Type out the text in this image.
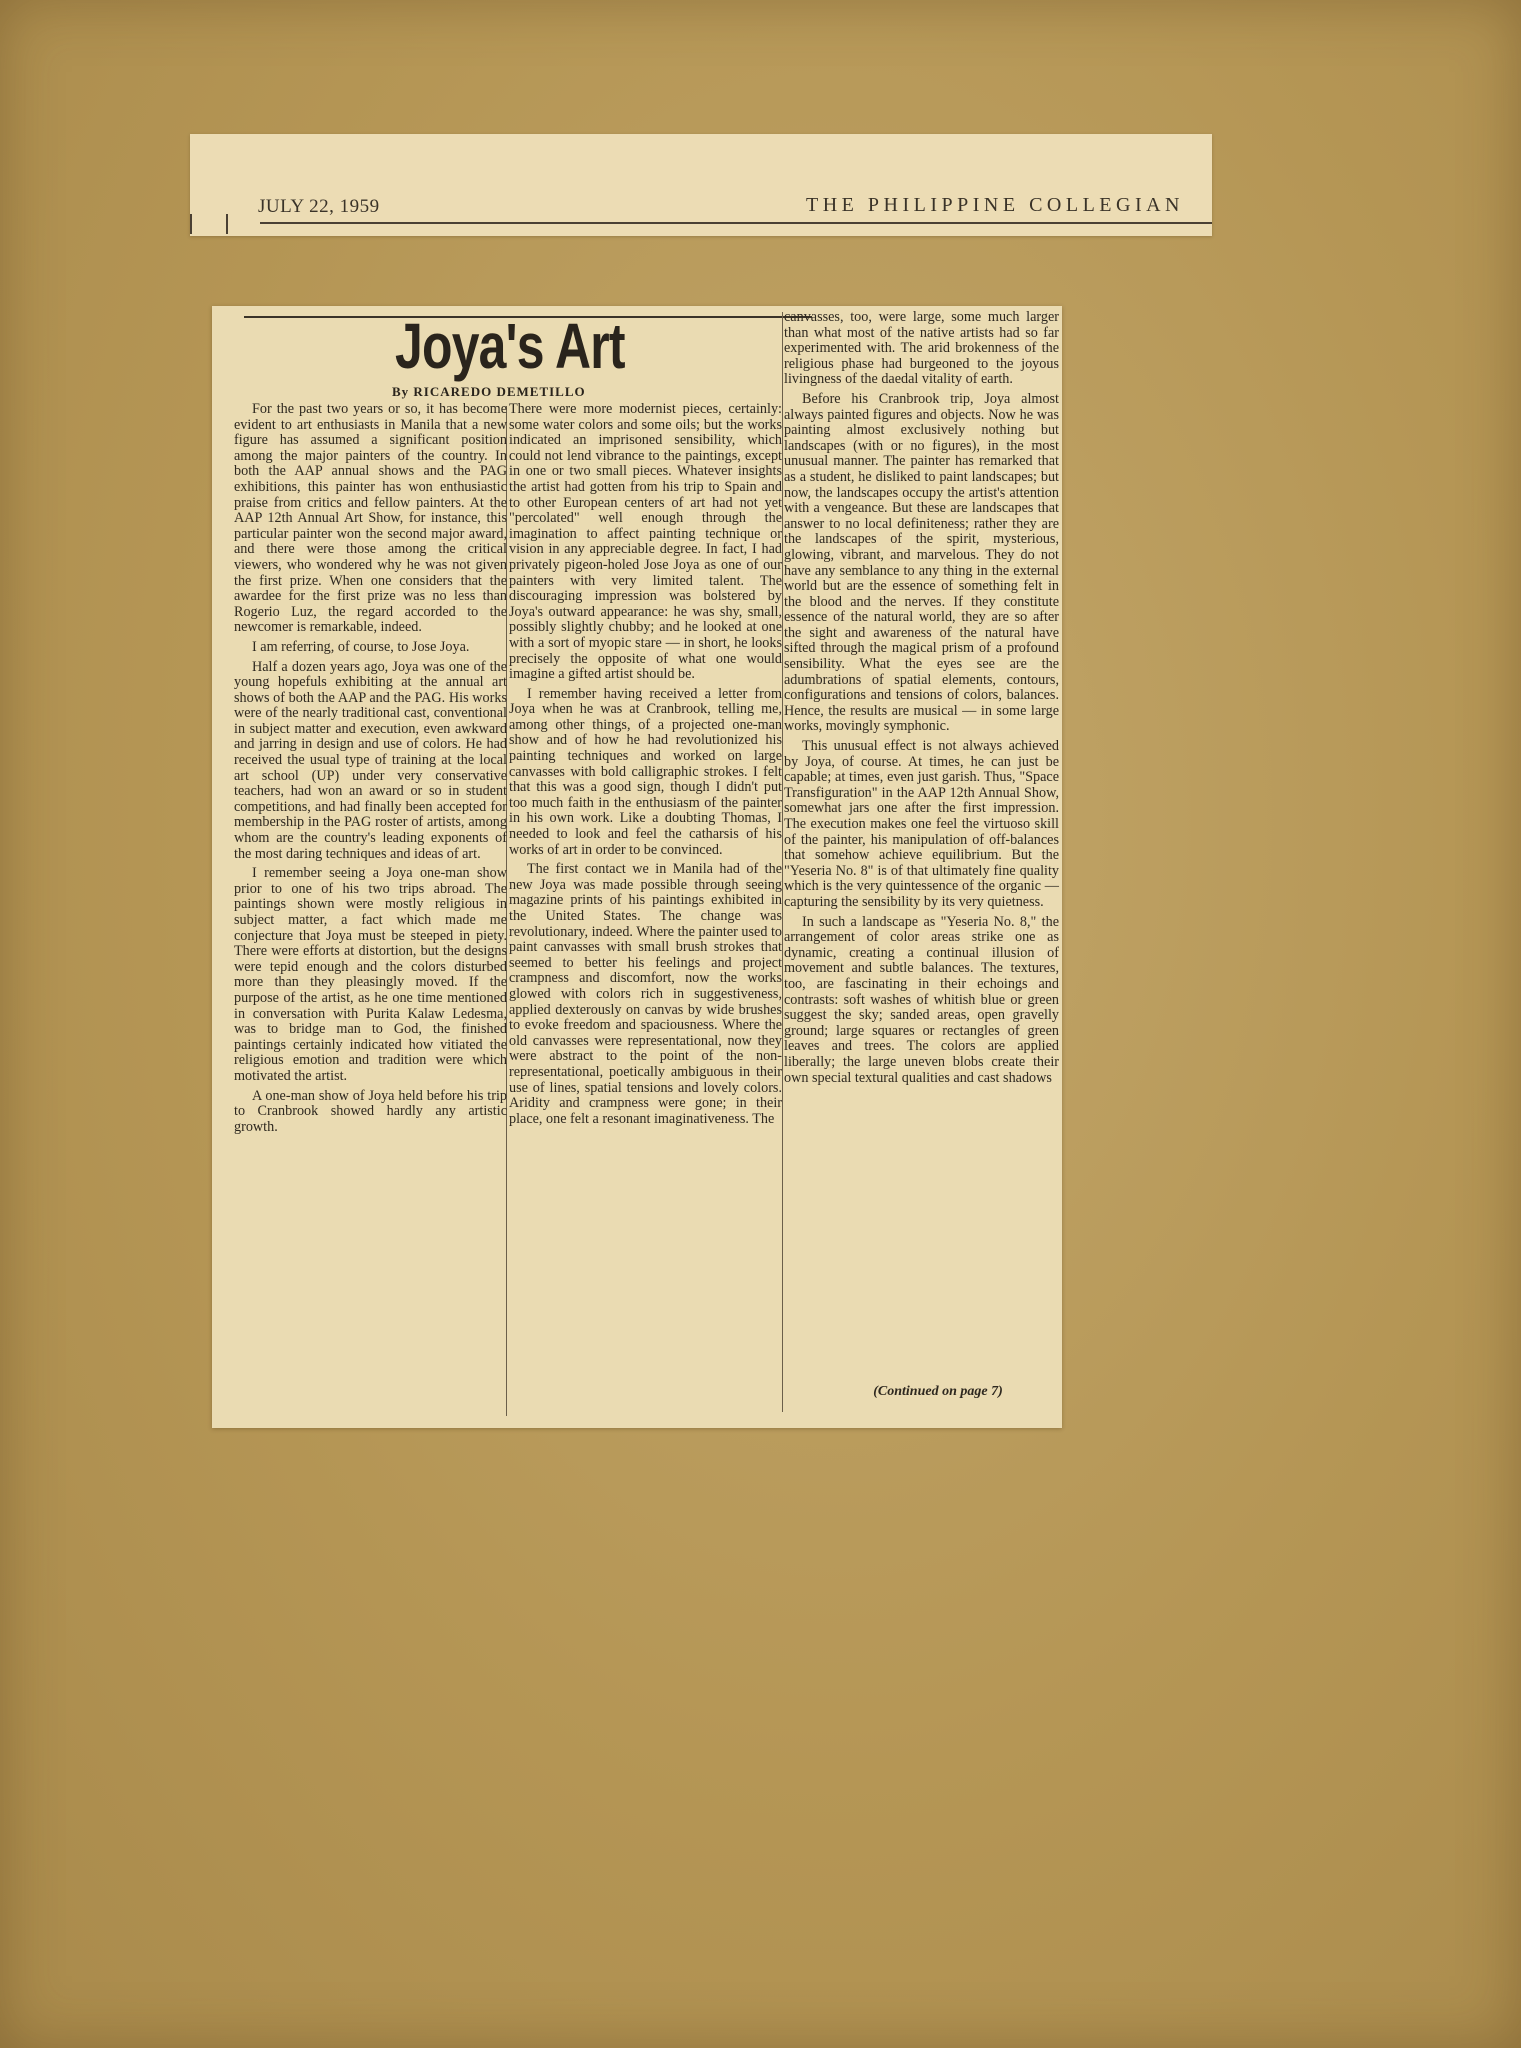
JULY 22, 1959	THE PHILIPPINE COLLEGIAN
Joya's Art
By RICAREDO DEMETILLO

For the past two years or so, it has become evident to art enthusiasts in Manila that a new figure has assumed a significant position among the major painters of the country. In both the AAP annual shows and the PAG exhibitions, this painter has won enthusiastic praise from critics and fellow painters. At the AAP 12th Annual Art Show, for instance, this particular painter won the second major award, and there were those among the critical viewers, who wondered why he was not given the first prize. When one considers that the awardee for the first prize was no less than Rogerio Luz, the regard accorded to the newcomer is remarkable, indeed.

I am referring, of course, to Jose Joya.

Half a dozen years ago, Joya was one of the young hopefuls exhibiting at the annual art shows of both the AAP and the PAG. His works were of the nearly traditional cast, conventional in subject matter and execution, even awkward and jarring in design and use of colors. He had received the usual type of training at the local art school (UP) under very conservative teachers, had won an award or so in student competitions, and had finally been accepted for membership in the PAG roster of artists, among whom are the country's leading exponents of the most daring techniques and ideas of art.

I remember seeing a Joya one-man show prior to one of his two trips abroad. The paintings shown were mostly religious in subject matter, a fact which made me conjecture that Joya must be steeped in piety. There were efforts at distortion, but the designs were tepid enough and the colors disturbed more than they pleasingly moved. If the purpose of the artist, as he one time mentioned in conversation with Purita Kalaw Ledesma, was to bridge man to God, the finished paintings certainly indicated how vitiated the religious emotion and tradition were which motivated the artist.

A one-man show of Joya held before his trip to Cranbrook showed hardly any artistic growth.

There were more modernist pieces, certainly: some water colors and some oils; but the works indicated an imprisoned sensibility, which could not lend vibrance to the paintings, except in one or two small pieces. Whatever insights the artist had gotten from his trip to Spain and to other European centers of art had not yet "percolated" well enough through the imagination to affect painting technique or vision in any appreciable degree. In fact, I had privately pigeon-holed Jose Joya as one of our painters with very limited talent. The discouraging impression was bolstered by Joya's outward appearance: he was shy, small, possibly slightly chubby; and he looked at one with a sort of myopic stare — in short, he looks precisely the opposite of what one would imagine a gifted artist should be.

I remember having received a letter from Joya when he was at Cranbrook, telling me, among other things, of a projected one-man show and of how he had revolutionized his painting techniques and worked on large canvasses with bold calligraphic strokes. I felt that this was a good sign, though I didn't put too much faith in the enthusiasm of the painter in his own work. Like a doubting Thomas, I needed to look and feel the catharsis of his works of art in order to be convinced.

The first contact we in Manila had of the new Joya was made possible through seeing magazine prints of his paintings exhibited in the United States. The change was revolutionary, indeed. Where the painter used to paint canvasses with small brush strokes that seemed to better his feelings and project crampness and discomfort, now the works glowed with colors rich in suggestiveness, applied dexterously on canvas by wide brushes to evoke freedom and spaciousness. Where the old canvasses were representational, now they were abstract to the point of the non-representational, poetically ambiguous in their use of lines, spatial tensions and lovely colors. Aridity and crampness were gone; in their place, one felt a resonant imaginativeness. The

canvasses, too, were large, some much larger than what most of the native artists had so far experimented with. The arid brokenness of the religious phase had burgeoned to the joyous livingness of the daedal vitality of earth.

Before his Cranbrook trip, Joya almost always painted figures and objects. Now he was painting almost exclusively nothing but landscapes (with or no figures), in the most unusual manner. The painter has remarked that as a student, he disliked to paint landscapes; but now, the landscapes occupy the artist's attention with a vengeance. But these are landscapes that answer to no local definiteness; rather they are the landscapes of the spirit, mysterious, glowing, vibrant, and marvelous. They do not have any semblance to any thing in the external world but are the essence of something felt in the blood and the nerves. If they constitute essence of the natural world, they are so after the sight and awareness of the natural have sifted through the magical prism of a profound sensibility. What the eyes see are the adumbrations of spatial elements, contours, configurations and tensions of colors, balances. Hence, the results are musical — in some large works, movingly symphonic.

This unusual effect is not always achieved by Joya, of course. At times, he can just be capable; at times, even just garish. Thus, "Space Transfiguration" in the AAP 12th Annual Show, somewhat jars one after the first impression. The execution makes one feel the virtuoso skill of the painter, his manipulation of off-balances that somehow achieve equilibrium. But the "Yeseria No. 8" is of that ultimately fine quality which is the very quintessence of the organic — capturing the sensibility by its very quietness.

In such a landscape as "Yeseria No. 8," the arrangement of color areas strike one as dynamic, creating a continual illusion of movement and subtle balances. The textures, too, are fascinating in their echoings and contrasts: soft washes of whitish blue or green suggest the sky; sanded areas, open gravelly ground; large squares or rectangles of green leaves and trees. The colors are applied liberally; the large uneven blobs create their own special textural qualities and cast shadows

(Continued on page 7)
